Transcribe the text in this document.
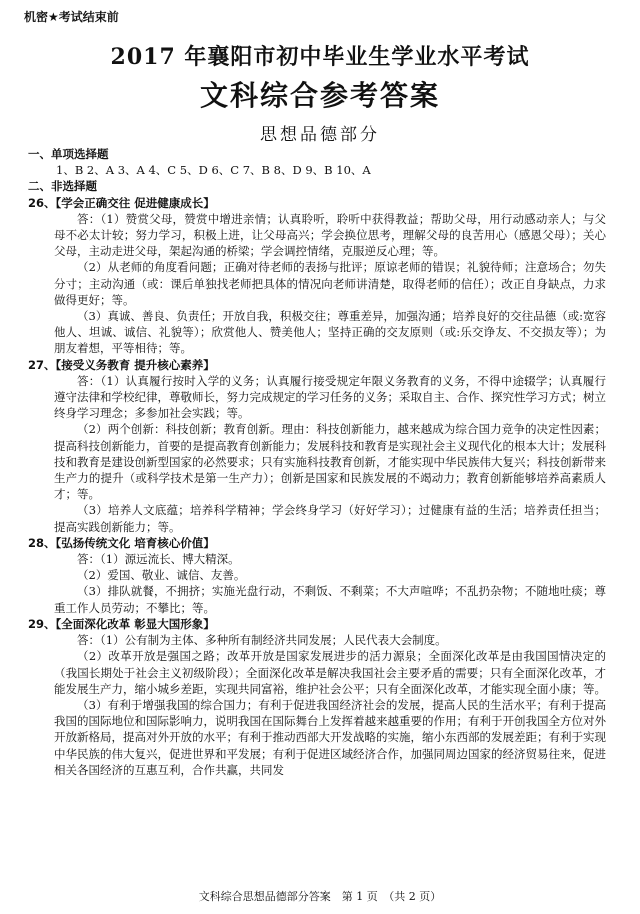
机密★考试结束前
2017 年襄阳市初中毕业生学业水平考试
文科综合参考答案
思想品德部分

一、单项选择题

1、B 2、A 3、A 4、C 5、D 6、C 7、B 8、D 9、B 10、A

二、非选择题

26、【学会正确交往 促进健康成长】

答：（1）赞赏父母，赞赏中增进亲情；认真聆听，聆听中获得教益；帮助父母，用行动感动亲人；与父母不必太计较；努力学习，积极上进，让父母高兴；学会换位思考，理解父母的良苦用心（感恩父母）；关心父母，主动走进父母，架起沟通的桥梁；学会调控情绪，克服逆反心理；等。

（2）从老师的角度看问题；正确对待老师的表扬与批评；原谅老师的错误；礼貌待师；注意场合；勿失分寸；主动沟通（或：课后单独找老师把具体的情况向老师讲清楚，取得老师的信任）；改正自身缺点，力求做得更好；等。

（3）真诚、善良、负责任；开放自我，积极交往；尊重差异，加强沟通；培养良好的交往品德（或:宽容他人、坦诚、诚信、礼貌等）；欣赏他人、赞美他人；坚持正确的交友原则（或:乐交诤友、不交损友等）；为朋友着想，平等相待；等。

27、【接受义务教育 提升核心素养】

答：（1）认真履行按时入学的义务；认真履行接受规定年限义务教育的义务，不得中途辍学；认真履行遵守法律和学校纪律，尊敬师长，努力完成规定的学习任务的义务；采取自主、合作、探究性学习方式；树立终身学习理念；多参加社会实践；等。

（2）两个创新：科技创新；教育创新。理由：科技创新能力，越来越成为综合国力竞争的决定性因素；提高科技创新能力，首要的是提高教育创新能力；发展科技和教育是实现社会主义现代化的根本大计；发展科技和教育是建设创新型国家的必然要求；只有实施科技教育创新，才能实现中华民族伟大复兴；科技创新带来生产力的提升（或科学技术是第一生产力）；创新是国家和民族发展的不竭动力；教育创新能够培养高素质人才；等。

（3）培养人文底蕴；培养科学精神；学会终身学习（好好学习）；过健康有益的生活；培养责任担当；提高实践创新能力；等。

28、【弘扬传统文化 培育核心价值】

答：（1）源远流长、博大精深。

（2）爱国、敬业、诚信、友善。

（3）排队就餐，不拥挤；实施光盘行动，不剩饭、不剩菜；不大声喧哗；不乱扔杂物；不随地吐痰；尊重工作人员劳动；不攀比；等。

29、【全面深化改革 彰显大国形象】

答：（1）公有制为主体、多种所有制经济共同发展；人民代表大会制度。

（2）改革开放是强国之路；改革开放是国家发展进步的活力源泉；全面深化改革是由我国国情决定的（我国长期处于社会主义初级阶段）；全面深化改革是解决我国社会主要矛盾的需要；只有全面深化改革，才能发展生产力，缩小城乡差距，实现共同富裕，维护社会公平；只有全面深化改革，才能实现全面小康；等。

（3）有利于增强我国的综合国力；有利于促进我国经济社会的发展，提高人民的生活水平；有利于提高我国的国际地位和国际影响力，说明我国在国际舞台上发挥着越来越重要的作用；有利于开创我国全方位对外开放新格局，提高对外开放的水平；有利于推动西部大开发战略的实施，缩小东西部的发展差距；有利于实现中华民族的伟大复兴，促进世界和平发展；有利于促进区域经济合作，加强同周边国家的经济贸易往来，促进相关各国经济的互惠互利，合作共赢，共同发

文科综合思想品德部分答案　第 1 页　（共 2 页）
